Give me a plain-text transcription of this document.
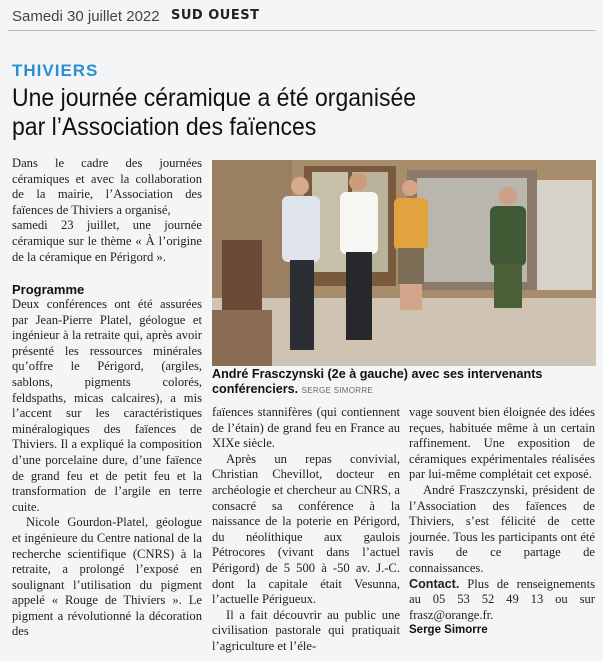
Samedi 30 juillet 2022 SUD OUEST
THIVIERS
Une journée céramique a été organisée
par l’Association des faïences

Dans le cadre des journées céramiques et avec la collaboration de la mairie, l’Association des faïences de Thiviers a organisé,

samedi 23 juillet, une journée céramique sur le thème « À l’origine de la céramique en Périgord ».

Programme

Deux conférences ont été assurées par Jean-Pierre Platel, géologue et ingénieur à la retraite qui, après avoir présenté les ressources minérales qu’offre le Périgord, (argiles, sablons, pigments colorés, feldspaths, micas calcaires), a mis l’accent sur les caractéristiques minéralogiques des faïences de Thiviers. Il a expliqué la composition d’une porcelaine dure, d’une faïence de grand feu et de petit feu et la transformation de l’argile en terre cuite.

Nicole Gourdon-Platel, géologue et ingénieure du Centre national de la recherche scientifique (CNRS) à la retraite, a prolongé l’exposé en soulignant l’utilisation du pigment appelé « Rouge de Thiviers ». Le pigment a révolutionné la décoration des

André Frasczynski (2e à gauche) avec ses intervenants conférenciers. SERGE SIMORRE

faïences stannifères (qui contiennent de l’étain) de grand feu en France au XIXe siècle.

Après un repas convivial, Christian Chevillot, docteur en archéologie et chercheur au CNRS, a consacré sa conférence à la naissance de la poterie en Périgord, du néolithique aux gaulois Pétrocores (vivant dans l’actuel Périgord) de 5 500 à -50 av. J.-C. dont la capitale était Vesunna, l’actuelle Périgueux.

Il a fait découvrir au public une civilisation pastorale qui pratiquait l’agriculture et l’éle-

vage souvent bien éloignée des idées reçues, habituée même à un certain raffinement. Une exposition de céramiques expérimentales réalisées par lui-même complétait cet exposé.

André Fraszczynski, président de l’Association des faïences de Thiviers, s’est félicité de cette journée. Tous les participants ont été ravis de ce partage de connaissances.

Contact. Plus de renseignements au 05 53 52 49 13 ou sur frasz@orange.fr.

Serge Simorre
